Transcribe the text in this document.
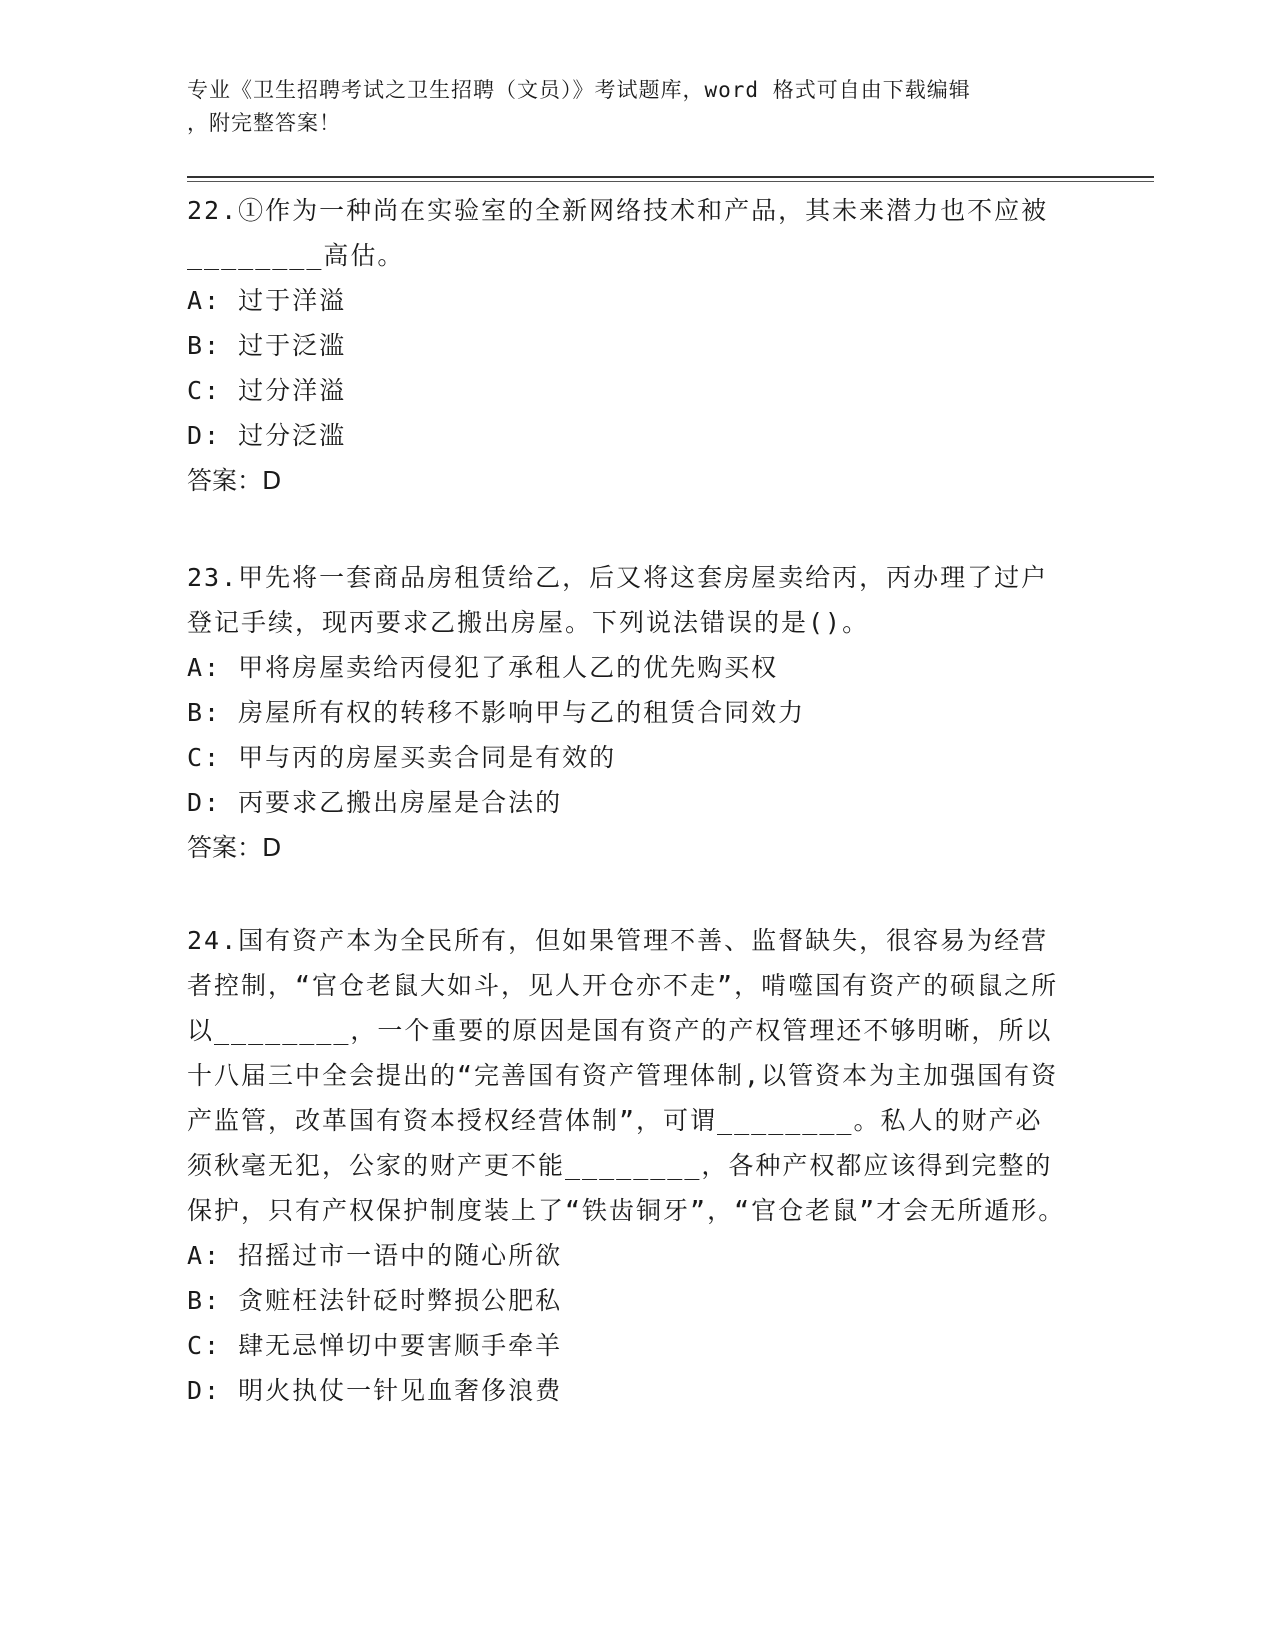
专业《卫生招聘考试之卫生招聘（文员）》考试题库，word 格式可自由下载编辑
，附完整答案！

22.①作为一种尚在实验室的全新网络技术和产品，其未来潜力也不应被________高估。

A: 过于洋溢

B: 过于泛滥

C: 过分洋溢

D: 过分泛滥

答案：D

23.甲先将一套商品房租赁给乙，后又将这套房屋卖给丙，丙办理了过户登记手续，现丙要求乙搬出房屋。下列说法错误的是()。

A: 甲将房屋卖给丙侵犯了承租人乙的优先购买权

B: 房屋所有权的转移不影响甲与乙的租赁合同效力

C: 甲与丙的房屋买卖合同是有效的

D: 丙要求乙搬出房屋是合法的

答案：D

24.国有资产本为全民所有，但如果管理不善、监督缺失，很容易为经营者控制，“官仓老鼠大如斗，见人开仓亦不走”，啃噬国有资产的硕鼠之所以________，一个重要的原因是国有资产的产权管理还不够明晰，所以十八届三中全会提出的“完善国有资产管理体制,以管资本为主加强国有资产监管，改革国有资本授权经营体制”，可谓________。私人的财产必须秋毫无犯，公家的财产更不能________，各种产权都应该得到完整的保护，只有产权保护制度装上了“铁齿铜牙”，“官仓老鼠”才会无所遁形。

A: 招摇过市一语中的随心所欲

B: 贪赃枉法针砭时弊损公肥私

C: 肆无忌惮切中要害顺手牵羊

D: 明火执仗一针见血奢侈浪费
